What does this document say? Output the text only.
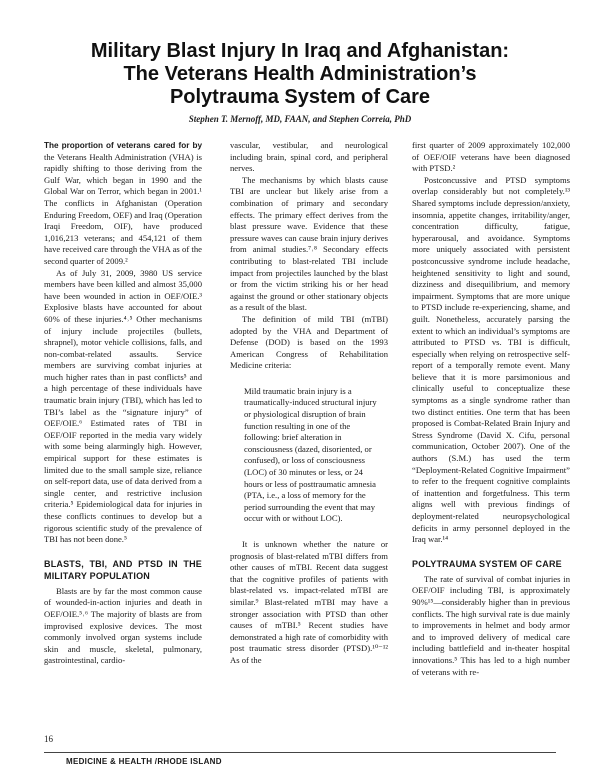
Military Blast Injury In Iraq and Afghanistan:
The Veterans Health Administration’s
Polytrauma System of Care
Stephen T. Mernoff, MD, FAAN, and Stephen Correia, PhD

The proportion of veterans cared for by the Veterans Health Administration (VHA) is rapidly shifting to those deriving from the Gulf War, which began in 1990 and the Global War on Terror, which began in 2001.¹ The conflicts in Afghanistan (Operation Enduring Freedom, OEF) and Iraq (Operation Iraqi Freedom, OIF), have produced 1,016,213 veterans; and 454,121 of them have received care through the VHA as of the second quarter of 2009.²

As of July 31, 2009, 3980 US service members have been killed and almost 35,000 have been wounded in action in OEF/OIE.³ Explosive blasts have accounted for about 60% of these injuries.⁴˒⁵ Other mechanisms of injury include projectiles (bullets, shrapnel), motor vehicle collisions, falls, and non-combat-related assaults. Service members are surviving combat injuries at much higher rates than in past conflicts⁵ and a high percentage of these individuals have traumatic brain injury (TBI), which has led to TBI’s label as the “signature injury” of OEF/OIE.⁶ Estimated rates of TBI in OEF/OIF reported in the media vary widely with some being alarmingly high. However, empirical support for these estimates is limited due to the small sample size, reliance on self-report data, use of data derived from a single center, and restrictive inclusion criteria.⁵ Epidemiological data for injuries in these conflicts continues to develop but a rigorous scientific study of the prevalence of TBI has not been done.⁵

BLASTS, TBI, AND PTSD IN THE MILITARY POPULATION

Blasts are by far the most common cause of wounded-in-action injuries and death in OEF/OIE.⁵˒⁶ The majority of blasts are from improvised explosive devices. The most commonly involved organ systems include skin and muscle, skeletal, pulmonary, gastrointestinal, cardio-

vascular, vestibular, and neurological including brain, spinal cord, and peripheral nerves.

The mechanisms by which blasts cause TBI are unclear but likely arise from a combination of primary and secondary effects. The primary effect derives from the blast pressure wave. Evidence that these pressure waves can cause brain injury derives from animal studies.⁷˒⁸ Secondary effects contributing to blast-related TBI include impact from projectiles launched by the blast or from the victim striking his or her head against the ground or other stationary objects as a result of the blast.

The definition of mild TBI (mTBI) adopted by the VHA and Department of Defense (DOD) is based on the 1993 American Congress of Rehabilitation Medicine criteria:

Mild traumatic brain injury is a traumatically-induced structural injury or physiological disruption of brain function resulting in one of the following: brief alteration in consciousness (dazed, disoriented, or confused), or loss of consciousness (LOC) of 30 minutes or less, or 24 hours or less of posttraumatic amnesia (PTA, i.e., a loss of memory for the period surrounding the event that may occur with or without LOC).

It is unknown whether the nature or prognosis of blast-related mTBI differs from other causes of mTBI. Recent data suggest that the cognitive profiles of patients with blast-related vs. impact-related mTBI are similar.⁹ Blast-related mTBI may have a stronger association with PTSD than other causes of mTBI.⁵ Recent studies have demonstrated a high rate of comorbidity with post traumatic stress disorder (PTSD).¹⁰⁻¹² As of the

first quarter of 2009 approximately 102,000 of OEF/OIF veterans have been diagnosed with PTSD.²

Postconcussive and PTSD symptoms overlap considerably but not completely.¹³ Shared symptoms include depression/anxiety, insomnia, appetite changes, irritability/anger, concentration difficulty, fatigue, hyperarousal, and avoidance. Symptoms more uniquely associated with persistent postconcussive syndrome include headache, heightened sensitivity to light and sound, dizziness and disequilibrium, and memory impairment. Symptoms that are more unique to PTSD include re-experiencing, shame, and guilt. Nonetheless, accurately parsing the extent to which an individual’s symptoms are attributed to PTSD vs. TBI is difficult, especially when relying on retrospective self-report of a temporally remote event. Many believe that it is more parsimonious and clinically useful to conceptualize these symptoms as a single syndrome rather than two distinct entities. One term that has been proposed is Combat-Related Brain Injury and Stress Syndrome (David X. Cifu, personal communication, October 2007). One of the authors (S.M.) has used the term “Deployment-Related Cognitive Impairment” to refer to the frequent cognitive complaints of inattention and forgetfulness. This term aligns well with previous findings of deployment-related neuropsychological deficits in army personnel deployed in the Iraq war.¹⁴

POLYTRAUMA SYSTEM OF CARE

The rate of survival of combat injuries in OEF/OIF including TBI, is approximately 90%¹⁵—considerably higher than in previous conflicts. The high survival rate is due mainly to improvements in helmet and body armor and to improved delivery of medical care including battlefield and in-theater hospital innovations.⁵ This has led to a high number of veterans with re-

16
MEDICINE & HEALTH /RHODE ISLAND
